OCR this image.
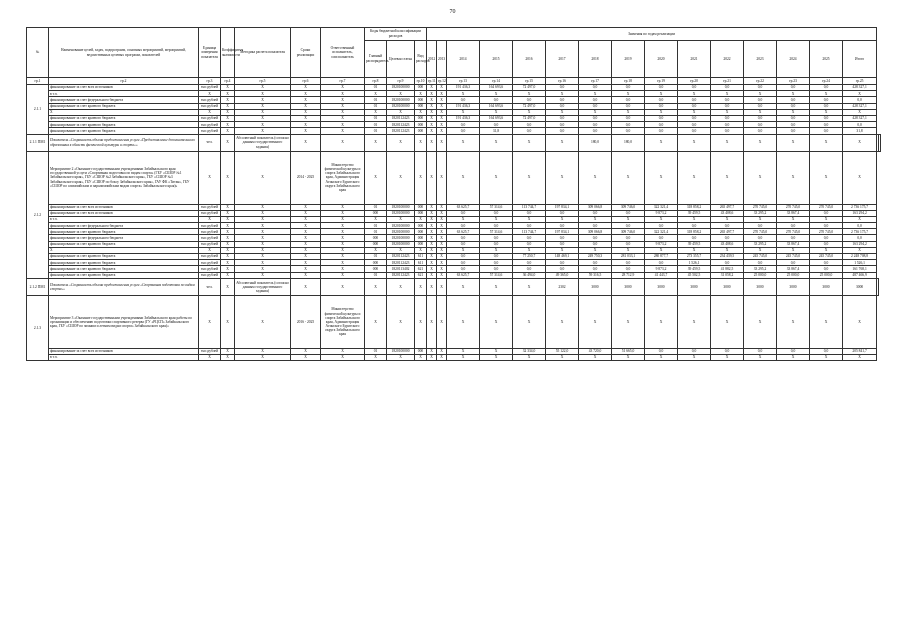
70
№	Наименование целей, задач, подпрограмм, основных мероприятий, мероприятий, ведомственных целевых программ, показателей	Единица измерения показателя	Коэффициент значимости	Методика расчета показателя	Сроки реализации	Ответственный исполнитель, соисполнитель	Коды бюджетной классификации расходов			Значения по годам реализации																
							Главный распорядитель	Целевая статья	Вид расходов	2012	2013	2014	2015	2016	2017	2018	2019	2020	2021	2022	2023	2024	2025	Итого		
гр.1	гр.2	гр.3	гр.4	гр.5	гр.6	гр.7	гр.8	гр.9	гр.10	гр.11	гр.12	гр.13	гр.14	гр.15	гр.16	гр.17	гр.18	гр.19	гр.20	гр.21	гр.22	гр.23	гр.24	гр.25		
2.1.1	финансирование за счет всех источников	тыс.рублей	Х	Х	Х	Х	01	1820100000	000	Х	Х	191 436,3	164 693,6	72 497,0	0,0	0,0	0,0	0,0	0,0	0,0	0,0	0,0	0,0	428 327,1		
	в т.ч.	Х	Х	Х	Х	Х	Х	Х	Х	Х	Х	Х	Х	Х	Х	Х	Х	Х	Х	Х	Х	Х	Х	Х		
	финансирование за счет федерального бюджета	тыс.рублей	Х	Х	Х	Х	01	1820100000	000	Х	Х	0,0	0,0	0,0	0,0	0,0	0,0	0,0	0,0	0,0	0,0	0,0	0,0	0,0		
	финансирование за счет краевого бюджета	тыс.рублей	Х	Х	Х	Х	01	1820100000	000	Х	Х	191 436,3	164 693,6	72 497,0	0,0	0,0	0,0	0,0	0,0	0,0	0,0	0,0	0,0	428 327,1		
	Х	Х	Х	Х	Х	Х	Х	Х	Х	Х	Х	Х	Х	Х	Х	Х	Х	Х	Х	Х	Х	Х	Х	Х		
	финансирование за счет краевого бюджета	тыс.рублей	Х	Х	Х	Х	01	1820112423	000	Х	Х	191 436,3	164 693,6	72 497,0	0,0	0,0	0,0	0,0	0,0	0,0	0,0	0,0	0,0	428 327,1		
	финансирование за счет краевого бюджета	тыс.рублей	Х	Х	Х	Х	01	1820112423	000	Х	Х	0,0	0,0	0,0	0,0	0,0	0,0	0,0	0,0	0,0	0,0	0,0	0,0	0,0		
	финансирование за счет краевого бюджета	тыс.рублей	Х	Х	Х	Х	01	1820112423	000	Х	Х	0,0	31,8	0,0	0,0	0,0	0,0	0,0	0,0	0,0	0,0	0,0	0,0	31,8		
2.1.1 ПМ1	Показатель «Сохранность объема предоставления услуги «Предоставление дополнительного образования в области физической культуры и спорта»»	чел.	Х	Абсолютный показатель (согласно данным государственного задания)	Х	Х	Х	Х	Х	Х	Х	Х	Х	Х	Х	180,0	180,0	Х	Х	Х	Х	Х	Х	Х		
2.1.2	Мероприятие 2 «Оказание государственными учреждениями Забайкальского края государственной услуги «Спортивная подготовка по видам спорта» (ГБУ «СШОР №1 Забайкальского края», ГБУ «СШОР №2 Забайкальского края», ГБУ «СШОР №3 Забайкальского края», ГБУ «СШОР по боксу Забайкальского края», ГАУ ФК «Титан», ГБУ «СШОР по олимпийским и паралимпийским видам спорта» Забайкальского края)»	Х	Х	Х	2014 - 2025	Министерство физической культуры и спорта Забайкальского края, Администрация Агинского Бурятского округа Забайкальского края	Х	Х	Х	Х	Х	Х	Х	Х	Х	Х	Х	Х	Х	Х	Х	Х	Х	Х		
	финансирование за счет всех источников	тыс.рублей	Х	Х	Х	Х	01	1820100000	000	Х	Х	63 625,7	57 314,6	113 744,7	197 834,1	309 066,8	309 746,0	322 321,4	318 858,2	265 497,7	270 745,0	270 745,0	270 745,0	2 736 175,7		
	финансирование за счет всех источников	тыс.рублей	Х	Х	Х	Х	000	1820100000	000	Х	Х	0,0	0,0	0,0	0,0	0,0	0,0	9 873,2	39 459,5	43 408,6	33 295,2	33 867,4	0,0	163 294,2		
	в т.ч.	Х	Х	Х	Х	Х	Х	Х	Х	Х	Х	Х	Х	Х	Х	Х	Х	Х	Х	Х	Х	Х	Х	Х		
	финансирование за счет федерального бюджета	тыс.рублей	Х	Х	Х	Х	01	1820100000	000	Х	Х	0,0	0,0	0,0	0,0	0,0	0,0	0,0	0,0	0,0	0,0	0,0	0,0	0,0		
	финансирование за счет краевого бюджета	тыс.рублей	Х	Х	Х	Х	01	1820100000	000	Х	Х	63 625,7	57 314,6	113 744,7	197 834,1	309 066,8	309 746,0	322 321,4	318 858,2	265 497,7	270 745,0	270 745,0	270 745,0	2 736 175,7		
	финансирование за счет федерального бюджета	тыс.рублей	Х	Х	Х	Х	000	1820100000	000	Х	Х	0,0	0,0	0,0	0,0	0,0	0,0	0,0	0,0	0,0	0,0	0,0	0,0	0,0		
	финансирование за счет краевого бюджета	тыс.рублей	Х	Х	Х	Х	000	1820100000	000	Х	Х	0,0	0,0	0,0	0,0	0,0	0,0	9 873,2	39 459,5	43 408,6	33 295,2	33 867,4	0,0	163 294,2		
	Х	Х	Х	Х	Х	Х	Х	Х	Х	Х	Х	Х	Х	Х	Х	Х	Х	Х	Х	Х	Х	Х	Х	Х		
	финансирование за счет краевого бюджета	тыс.рублей	Х	Х	Х	Х	01	1820112423	611	Х	Х	0,0	0,0	77 250,7	148 469,1	249 750,3	281 033,1	280 877,7	273 355,7	234 439,5	245 745,0	245 745,0	245 745,0	2 248 708,8		
	финансирование за счет краевого бюджета	тыс.рублей	Х	Х	Х	Х	000	1820112423	611	Х	Х	0,0	0,0	0,0	0,0	0,0	0,0	0,0	1 526,1	0,0	0,0	0,0	0,0	1 526,1		
	финансирование за счет краевого бюджета	тыс.рублей	Х	Х	Х	Х	000	1820113402	621	Х	Х	0,0	0,0	0,0	0,0	0,0	0,0	9 873,2	39 459,5	41 882,5	33 295,2	33 867,4	0,0	161 768,1		
	финансирование за счет краевого бюджета	тыс.рублей	Х	Х	Х	Х	01	1820112423	621	Х	Х	63 625,7	57 314,6	36 494,0	49 365,0	59 316,5	28 712,9	41 443,7	45 502,5	31 058,2	25 000,0	25 000,0	25 000,0	487 466,9		
2.1.2 ПМ1	Показатель «Сохранность объема предоставления услуги «Спортивная подготовка по видам спорта»»	чел.	Х	Абсолютный показатель (согласно данным государственного задания)	Х	Х	Х	Х	Х	Х	Х	Х	Х	Х	2302	3000	3000	3000	3000	3000	3000	3000	3000	3000	
2.1.3	Мероприятие 3 «Оказание государственными учреждениями Забайкальского края работы по организации и обеспечению подготовки спортивного резерва (ГУ «РЦСП» Забайкальского края, ГБУ «СШОР по зимним и летним видам спорта» Забайкальского края)»	Х	Х	Х	2016 - 2025	Министерство физической культуры и спорта Забайкальского края, Администрация Агинского Бурятского округа Забайкальского края	Х	Х	Х	Х	Х	Х	Х	Х	Х	Х	Х	Х	Х	Х	Х	Х	Х	Х		
	финансирование за счет всех источников	тыс.рублей	Х	Х	Х	Х	01	1820100000	000	Х	Х	Х	Х	32 334,0	55 122,0	43 720,0	51 665,0	0,0	0,0	0,0	0,0	0,0	0,0	205 841,7		
	в т.ч.	Х	Х	Х	Х	Х	Х	Х	Х	Х	Х	Х	Х	Х	Х	Х	Х	Х	Х	Х	Х	Х	Х	Х		
